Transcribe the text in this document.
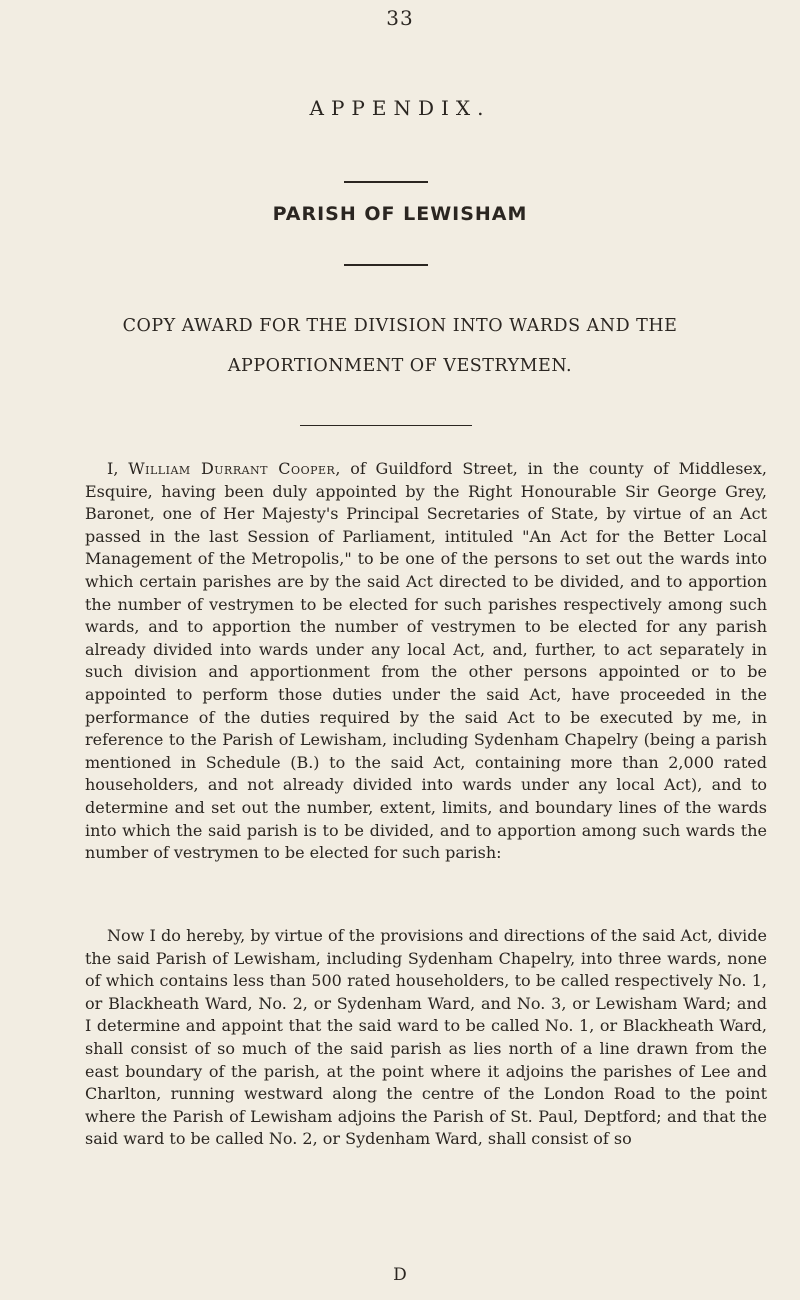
33
APPENDIX.
PARISH OF LEWISHAM
COPY AWARD FOR THE DIVISION INTO WARDS AND THE
APPORTIONMENT OF VESTRYMEN.

I, William Durrant Cooper, of Guildford Street, in the county of Middlesex, Esquire, having been duly appointed by the Right Honourable Sir George Grey, Baronet, one of Her Majesty's Principal Secretaries of State, by virtue of an Act passed in the last Session of Parliament, intituled "An Act for the Better Local Management of the Metropolis," to be one of the persons to set out the wards into which certain parishes are by the said Act directed to be divided, and to apportion the number of vestrymen to be elected for such parishes respectively among such wards, and to apportion the number of vestrymen to be elected for any parish already divided into wards under any local Act, and, further, to act separately in such division and apportionment from the other persons appointed or to be appointed to perform those duties under the said Act, have proceeded in the performance of the duties required by the said Act to be executed by me, in reference to the Parish of Lewisham, including Sydenham Chapelry (being a parish mentioned in Schedule (B.) to the said Act, containing more than 2,000 rated householders, and not already divided into wards under any local Act), and to determine and set out the number, extent, limits, and boundary lines of the wards into which the said parish is to be divided, and to apportion among such wards the number of vestrymen to be elected for such parish:

Now I do hereby, by virtue of the provisions and directions of the said Act, divide the said Parish of Lewisham, including Sydenham Chapelry, into three wards, none of which contains less than 500 rated householders, to be called respectively No. 1, or Blackheath Ward, No. 2, or Sydenham Ward, and No. 3, or Lewisham Ward; and I determine and appoint that the said ward to be called No. 1, or Blackheath Ward, shall consist of so much of the said parish as lies north of a line drawn from the east boundary of the parish, at the point where it adjoins the parishes of Lee and Charlton, running westward along the centre of the London Road to the point where the Parish of Lewisham adjoins the Parish of St. Paul, Deptford; and that the said ward to be called No. 2, or Sydenham Ward, shall consist of so

D
